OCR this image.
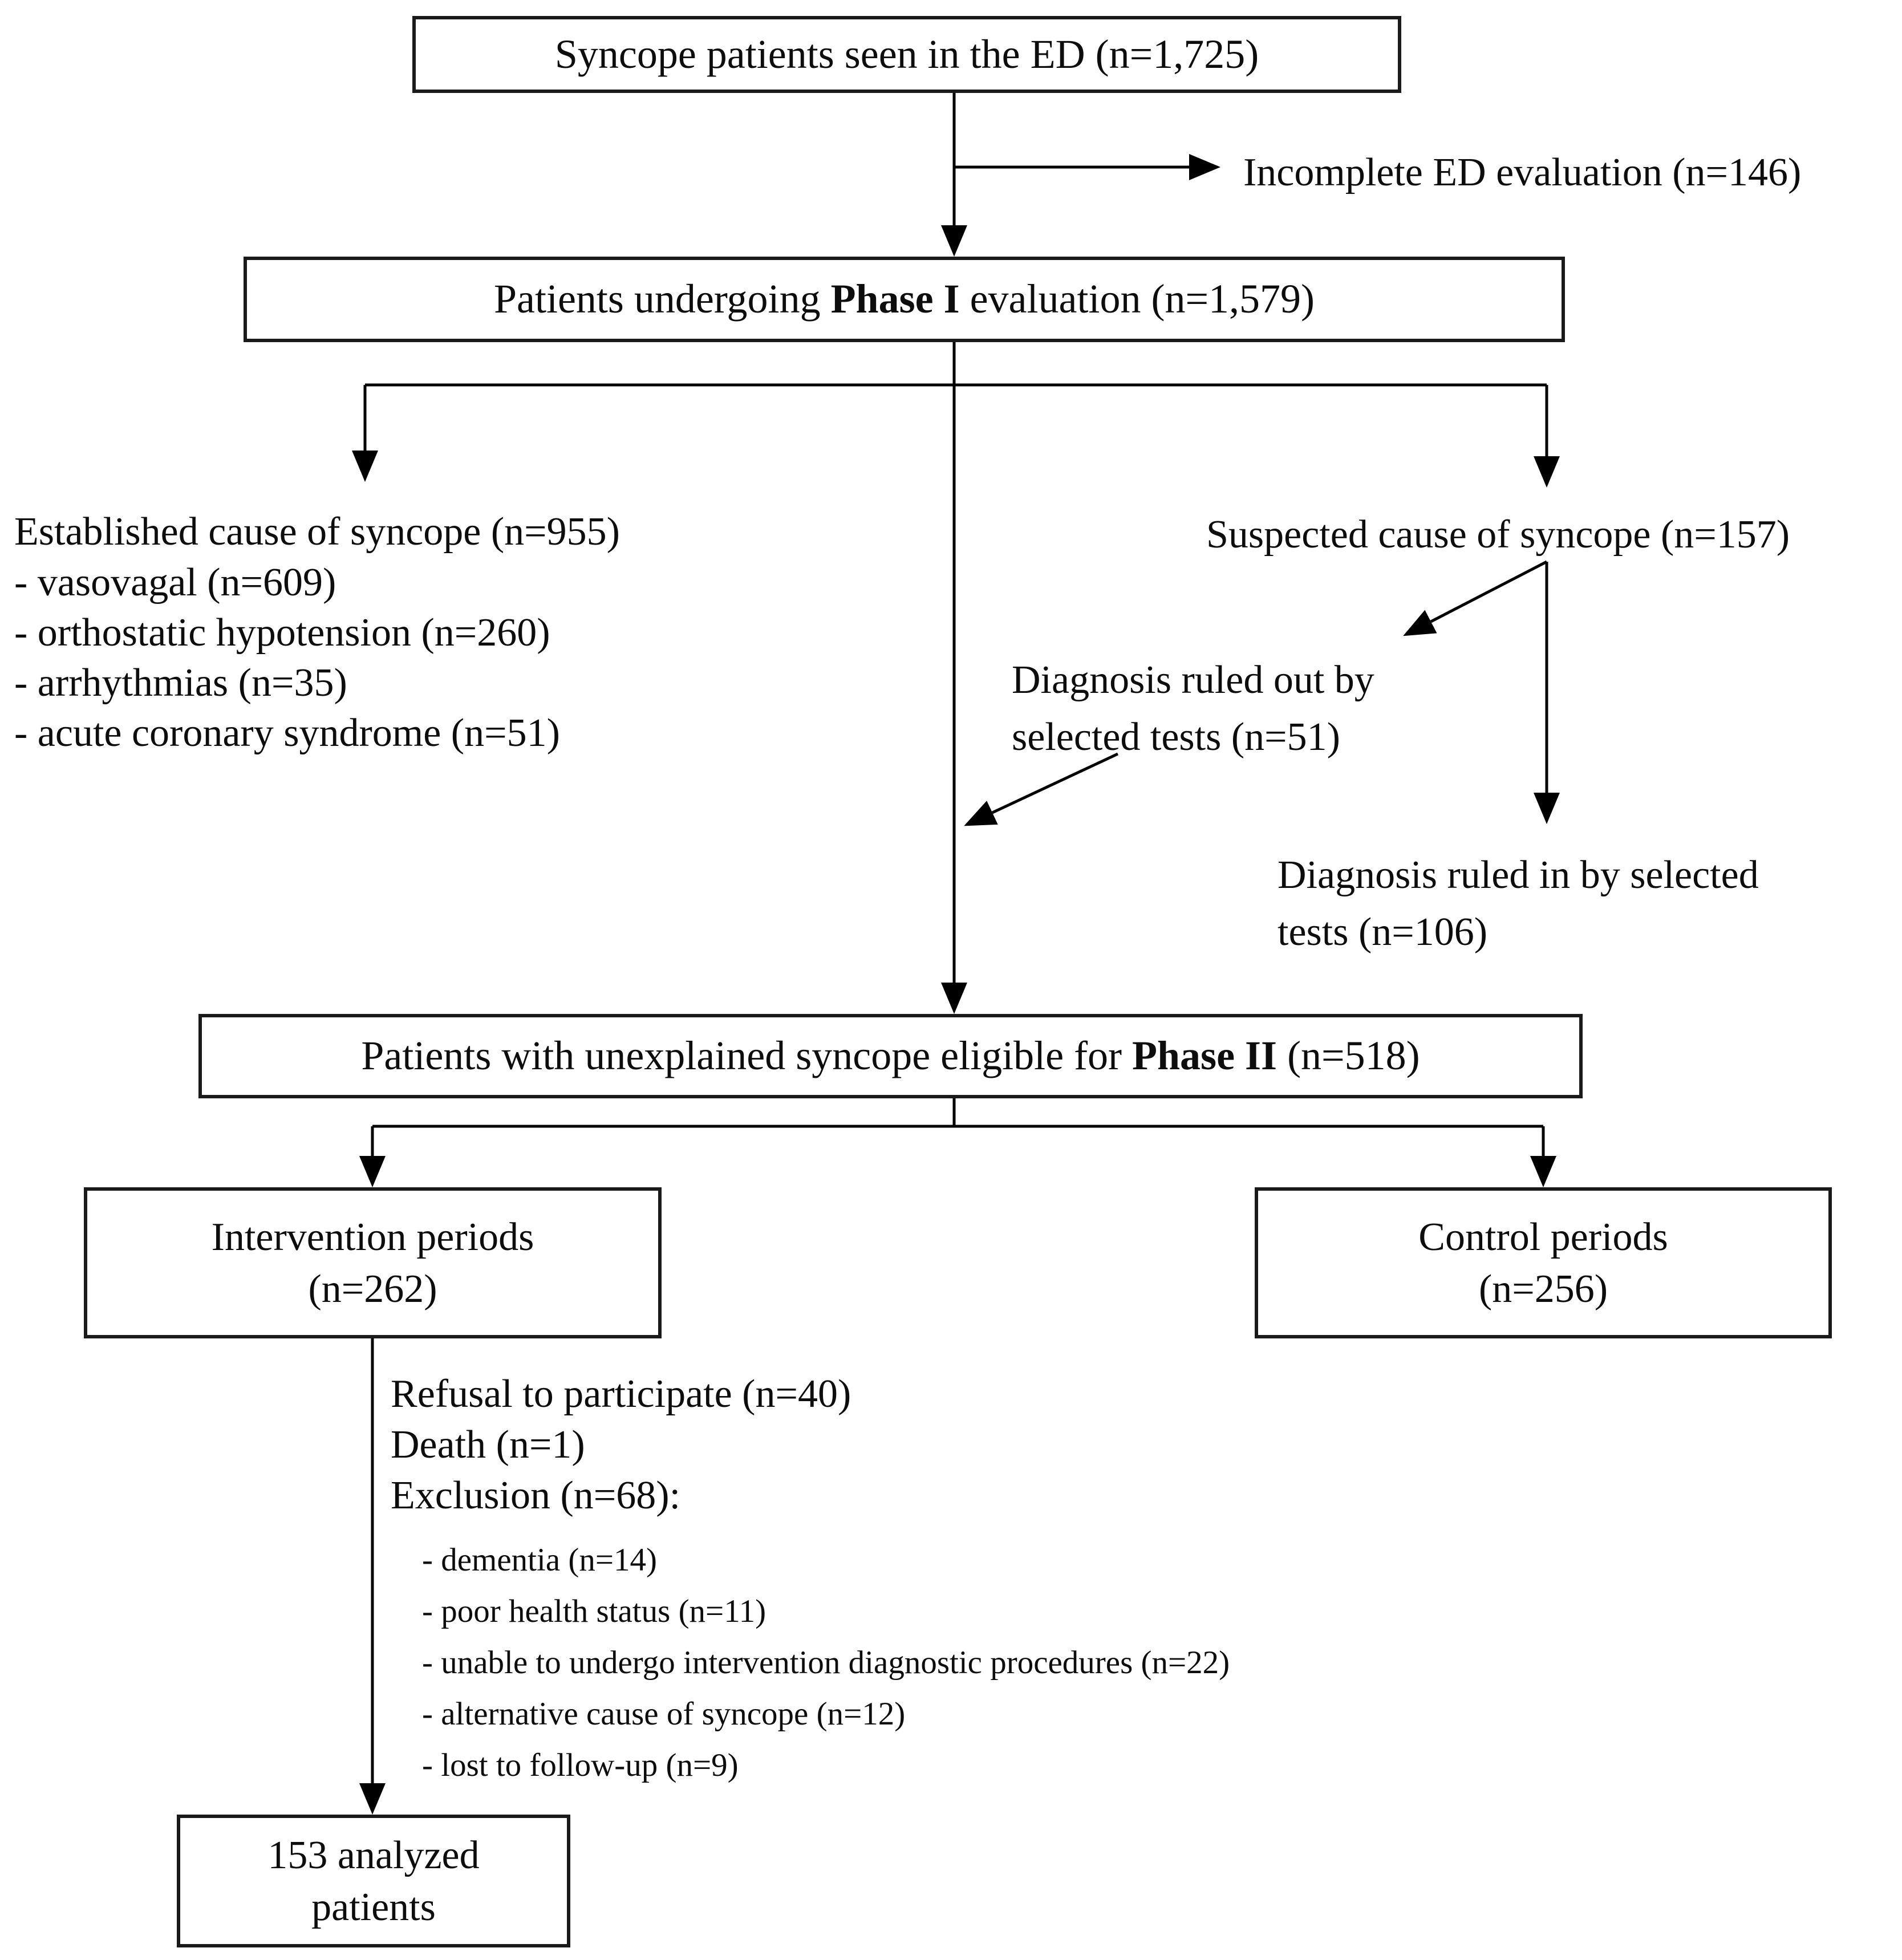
Syncope patients seen in the ED (n=1,725)
Patients undergoing Phase I evaluation (n=1,579)
Patients with unexplained syncope eligible for Phase II (n=518)
Intervention periods
(n=262)
Control periods
(n=256)
153 analyzed
patients
Incomplete ED evaluation (n=146)
Suspected cause of syncope (n=157)
Diagnosis ruled out by
selected tests (n=51)
Diagnosis ruled in by selected
tests (n=106)
Established cause of syncope (n=955)
- vasovagal (n=609)
- orthostatic hypotension (n=260)
- arrhythmias (n=35)
- acute coronary syndrome (n=51)
Refusal to participate (n=40)
Death (n=1)
Exclusion (n=68):
- dementia (n=14)
- poor health status (n=11)
- unable to undergo intervention diagnostic procedures (n=22)
- alternative cause of syncope (n=12)
- lost to follow-up (n=9)
